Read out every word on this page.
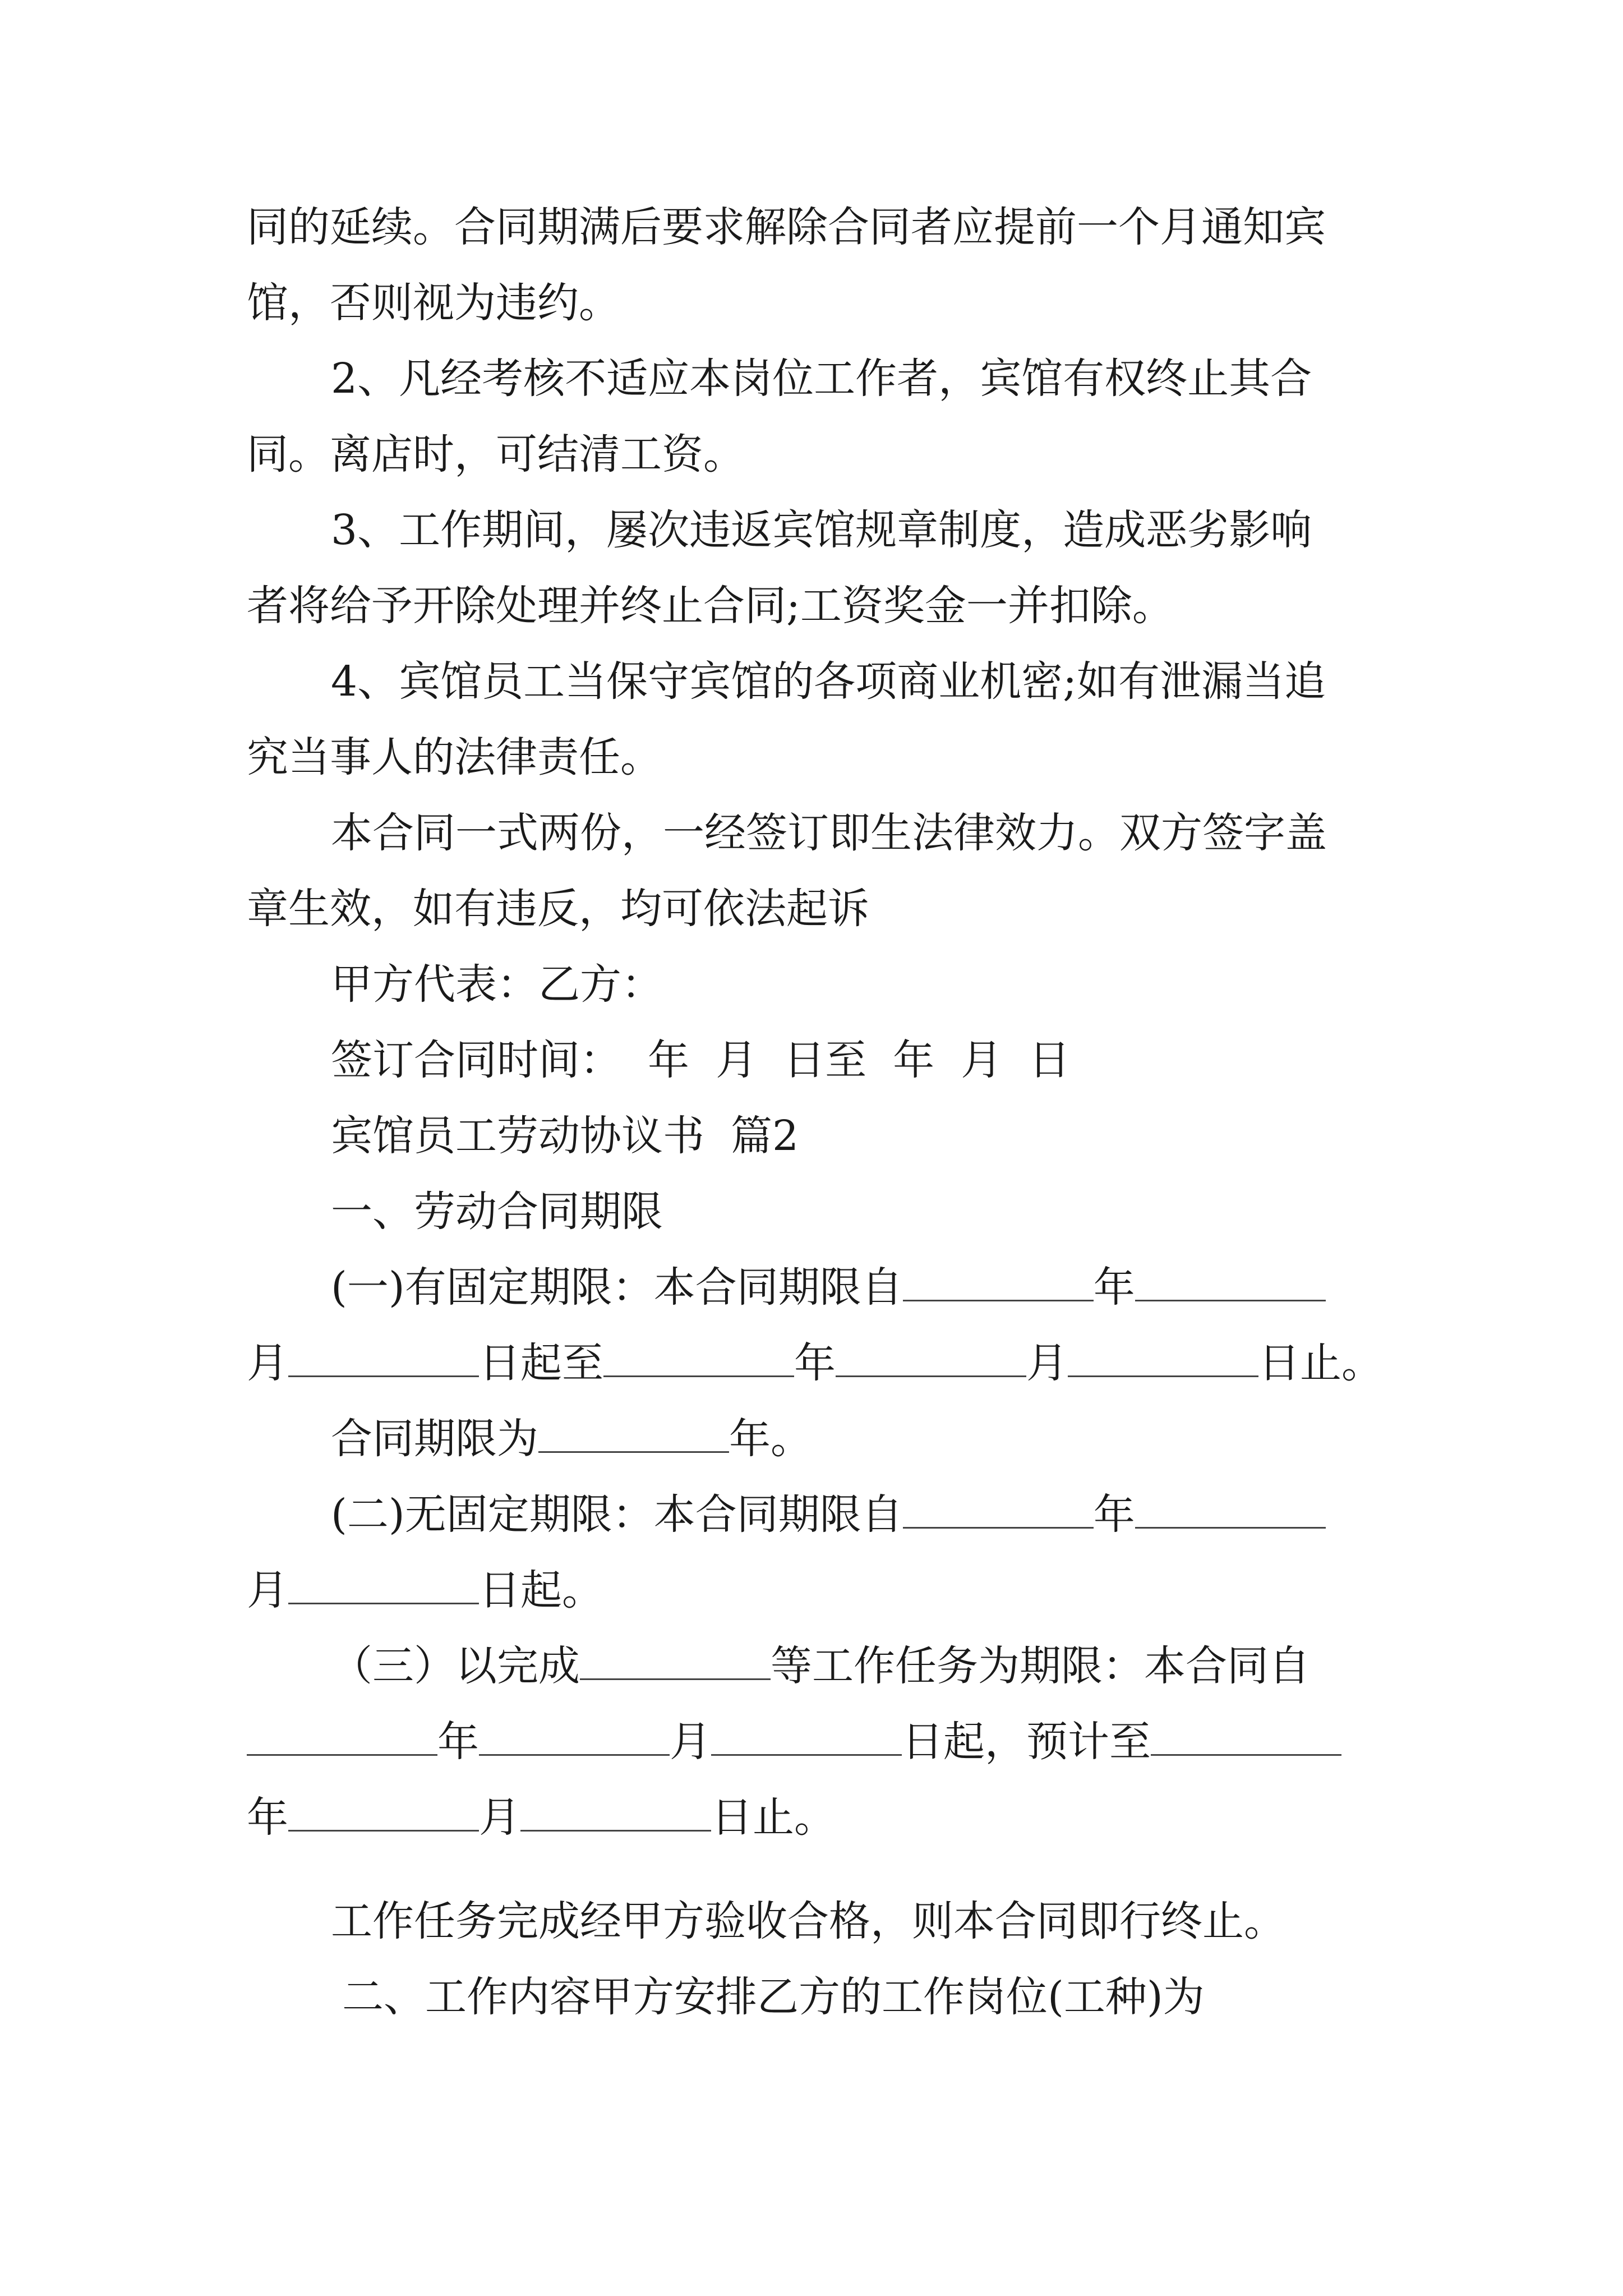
同的延续。合同期满后要求解除合同者应提前一个月通知宾
馆，否则视为违约。
2、凡经考核不适应本岗位工作者，宾馆有权终止其合
同。离店时，可结清工资。
3、工作期间，屡次违返宾馆规章制度，造成恶劣影响
者将给予开除处理并终止合同;工资奖金一并扣除。
4、宾馆员工当保守宾馆的各项商业机密;如有泄漏当追
究当事人的法律责任。
本合同一式两份，一经签订即生法律效力。双方签字盖
章生效，如有违反，均可依法起诉
甲方代表：乙方：
签订合同时间：  年  月  日至  年  月  日
宾馆员工劳动协议书  篇2
一、劳动合同期限
(一)有固定期限：本合同期限自	年
月	日起至	年	月	日止。
合同期限为	年。
(二)无固定期限：本合同期限自	年
月	日起。
（三）以完成	等工作任务为期限：本合同自
年	月	日起，预计至
年	月	日止。
工作任务完成经甲方验收合格，则本合同即行终止。
二、工作内容甲方安排乙方的工作岗位(工种)为
